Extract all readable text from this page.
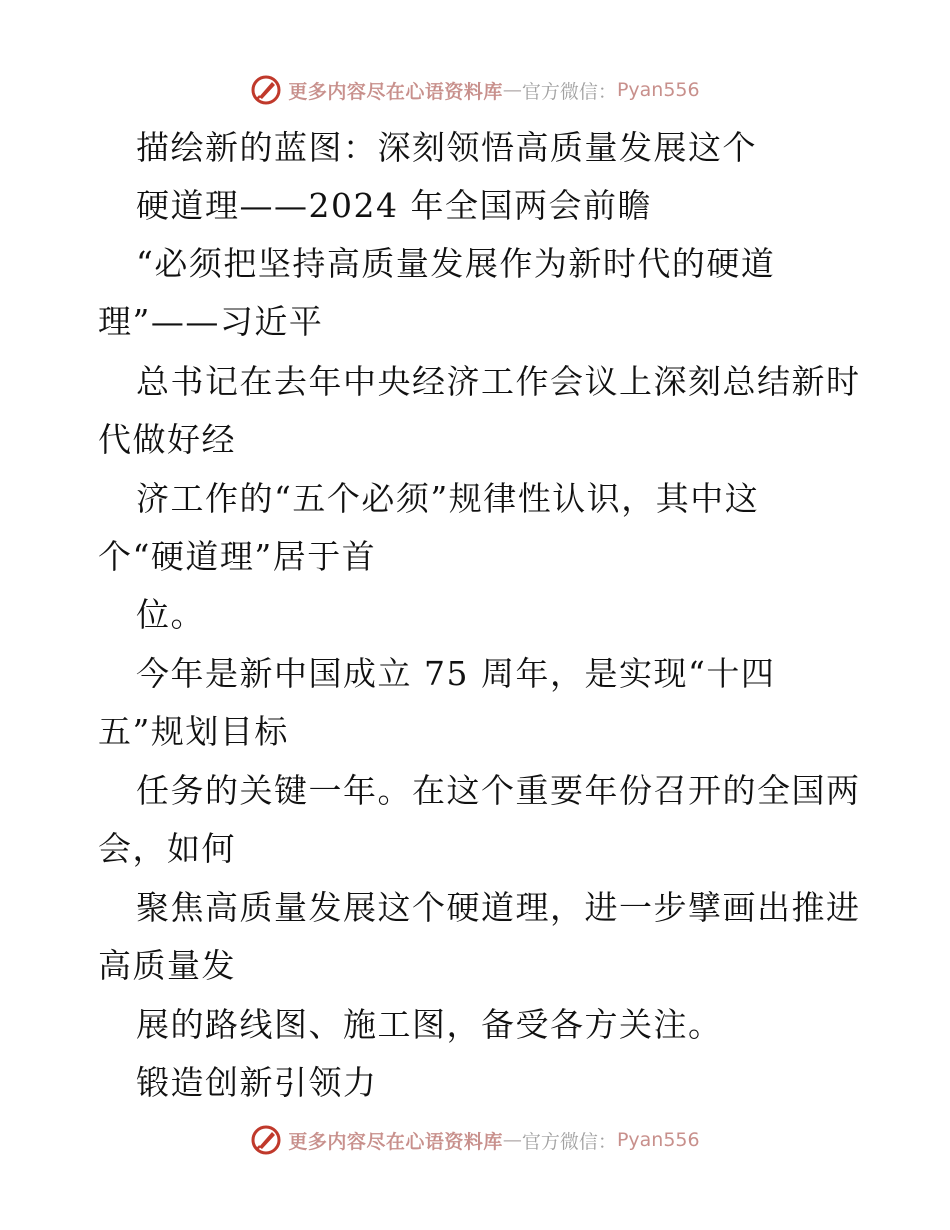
更多内容尽在心语资料库 — 官方微信： Pyan556
描绘新的蓝图：深刻领悟高质量发展这个
硬道理——2024 年全国两会前瞻
“必须把坚持高质量发展作为新时代的硬道
理”——习近平
总书记在去年中央经济工作会议上深刻总结新时
代做好经
济工作的“五个必须”规律性认识，其中这
个“硬道理”居于首
位。
今年是新中国成立 75 周年，是实现“十四
五”规划目标
任务的关键一年。在这个重要年份召开的全国两
会，如何
聚焦高质量发展这个硬道理，进一步擘画出推进
高质量发
展的路线图、施工图，备受各方关注。
锻造创新引领力
更多内容尽在心语资料库 — 官方微信： Pyan556
